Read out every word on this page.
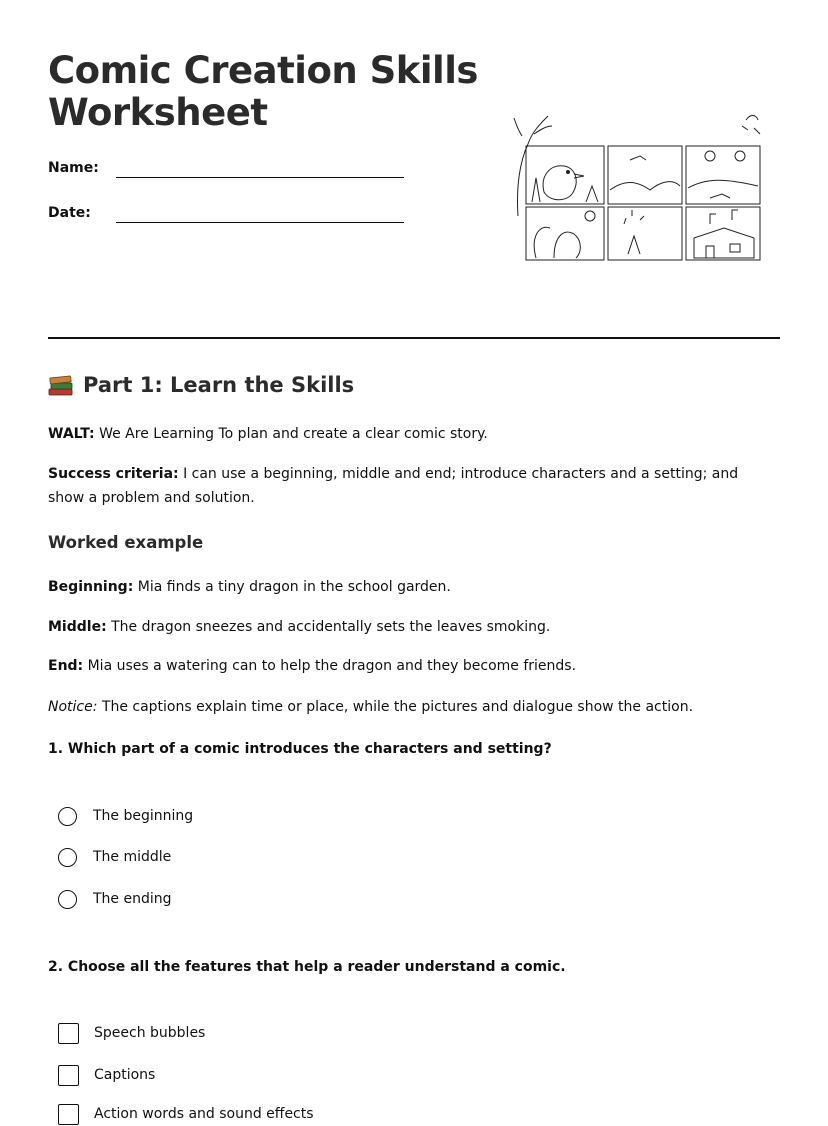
Comic Creation Skills Worksheet
Name:
Date:
Part 1: Learn the Skills

WALT: We Are Learning To plan and create a clear comic story.

Success criteria: I can use a beginning, middle and end; introduce characters and a setting; and show a problem and solution.

Worked example

Beginning: Mia finds a tiny dragon in the school garden.

Middle: The dragon sneezes and accidentally sets the leaves smoking.

End: Mia uses a watering can to help the dragon and they become friends.

Notice: The captions explain time or place, while the pictures and dialogue show the action.

1. Which part of a comic introduces the characters and setting?

The beginning
The middle
The ending

2. Choose all the features that help a reader understand a comic.

Speech bubbles
Captions
Action words and sound effects
